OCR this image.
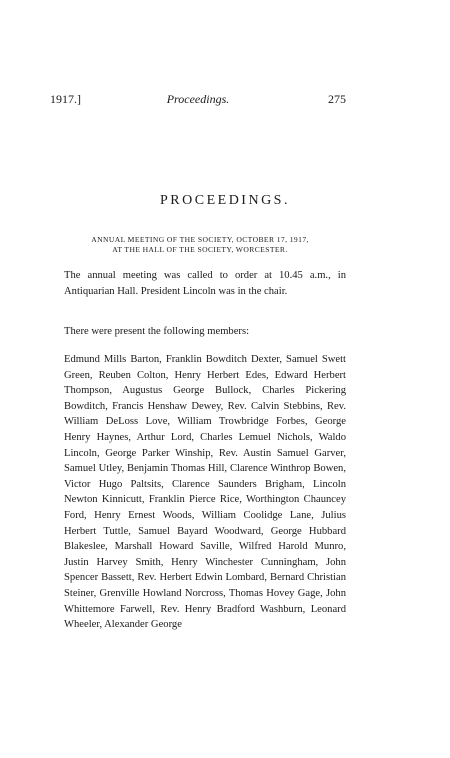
1917.]	Proceedings.	275
PROCEEDINGS.
ANNUAL MEETING OF THE SOCIETY, OCTOBER 17, 1917,
AT THE HALL OF THE SOCIETY, WORCESTER.

The annual meeting was called to order at 10.45 a.m., in Antiquarian Hall. President Lincoln was in the chair.

There were present the following members:

Edmund Mills Barton, Franklin Bowditch Dexter, Samuel Swett Green, Reuben Colton, Henry Herbert Edes, Edward Herbert Thompson, Augustus George Bullock, Charles Pickering Bowditch, Francis Henshaw Dewey, Rev. Calvin Stebbins, Rev. William DeLoss Love, William Trowbridge Forbes, George Henry Haynes, Arthur Lord, Charles Lemuel Nichols, Waldo Lincoln, George Parker Winship, Rev. Austin Samuel Garver, Samuel Utley, Benjamin Thomas Hill, Clarence Winthrop Bowen, Victor Hugo Paltsits, Clarence Saunders Brigham, Lincoln Newton Kinnicutt, Franklin Pierce Rice, Worthington Chauncey Ford, Henry Ernest Woods, William Coolidge Lane, Julius Herbert Tuttle, Samuel Bayard Woodward, George Hubbard Blakeslee, Marshall Howard Saville, Wilfred Harold Munro, Justin Harvey Smith, Henry Winchester Cunningham, John Spencer Bassett, Rev. Herbert Edwin Lombard, Bernard Christian Steiner, Grenville Howland Norcross, Thomas Hovey Gage, John Whittemore Farwell, Rev. Henry Bradford Washburn, Leonard Wheeler, Alexander George
